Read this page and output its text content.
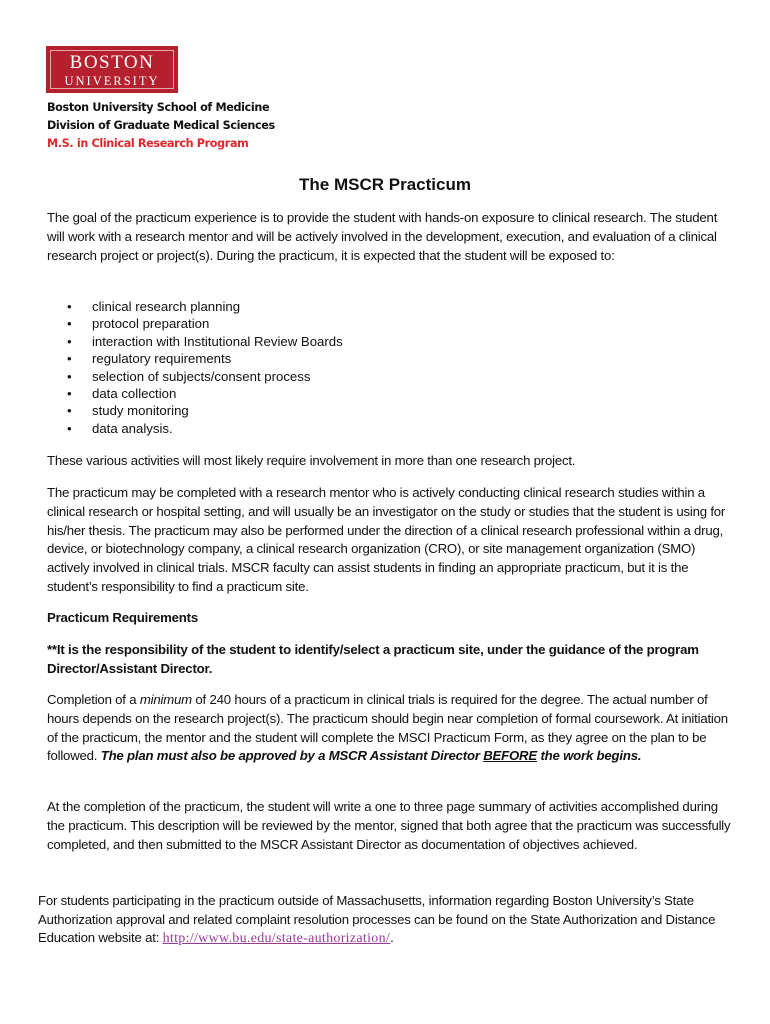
BOSTON
UNIVERSITY
Boston University School of Medicine
Division of Graduate Medical Sciences
M.S. in Clinical Research Program
The MSCR Practicum

The goal of the practicum experience is to provide the student with hands-on exposure to clinical research. The student will work with a research mentor and will be actively involved in the development, execution, and evaluation of a clinical research project or project(s). During the practicum, it is expected that the student will be exposed to:

• clinical research planning
• protocol preparation
• interaction with Institutional Review Boards
• regulatory requirements
• selection of subjects/consent process
• data collection
• study monitoring
• data analysis.

These various activities will most likely require involvement in more than one research project.

The practicum may be completed with a research mentor who is actively conducting clinical research studies within a clinical research or hospital setting, and will usually be an investigator on the study or studies that the student is using for his/her thesis. The practicum may also be performed under the direction of a clinical research professional within a drug, device, or biotechnology company, a clinical research organization (CRO), or site management organization (SMO) actively involved in clinical trials. MSCR faculty can assist students in finding an appropriate practicum, but it is the student’s responsibility to find a practicum site.

Practicum Requirements

**It is the responsibility of the student to identify/select a practicum site, under the guidance of the program Director/Assistant Director.

Completion of a minimum of 240 hours of a practicum in clinical trials is required for the degree. The actual number of hours depends on the research project(s). The practicum should begin near completion of formal coursework. At initiation of the practicum, the mentor and the student will complete the MSCI Practicum Form, as they agree on the plan to be followed. The plan must also be approved by a MSCR Assistant Director BEFORE the work begins.

At the completion of the practicum, the student will write a one to three page summary of activities accomplished during the practicum. This description will be reviewed by the mentor, signed that both agree that the practicum was successfully completed, and then submitted to the MSCR Assistant Director as documentation of objectives achieved.

For students participating in the practicum outside of Massachusetts, information regarding Boston University’s State Authorization approval and related complaint resolution processes can be found on the State Authorization and Distance Education website at: http://www.bu.edu/state-authorization/.
